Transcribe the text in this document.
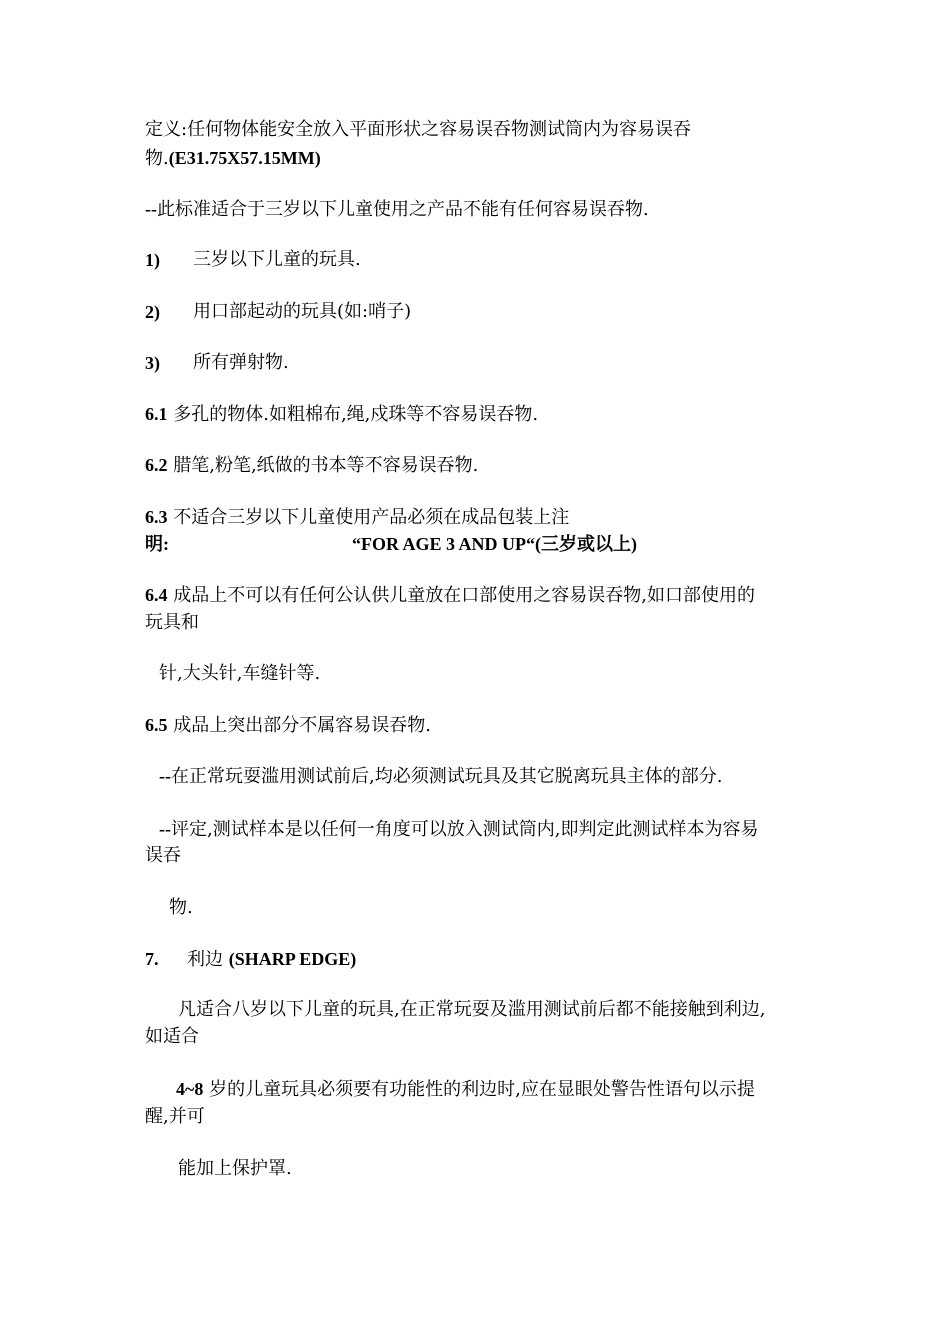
定义:任何物体能安全放入平面形状之容易误吞物测试筒内为容易误吞
物.(E31.75X57.15MM)
--此标准适合于三岁以下儿童使用之产品不能有任何容易误吞物.
1) 三岁以下儿童的玩具.
2) 用口部起动的玩具(如:哨子)
3) 所有弹射物.
6.1 多孔的物体.如粗棉布,绳,戍珠等不容易误吞物.
6.2 腊笔,粉笔,纸做的书本等不容易误吞物.
6.3 不适合三岁以下儿童使用产品必须在成品包装上注
明:	“FOR AGE 3 AND UP“(三岁或以上)
6.4 成品上不可以有任何公认供儿童放在口部使用之容易误吞物,如口部使用的
玩具和
针,大头针,车缝针等.
6.5 成品上突出部分不属容易误吞物.
--在正常玩耍滥用测试前后,均必须测试玩具及其它脱离玩具主体的部分.
--评定,测试样本是以任何一角度可以放入测试筒内,即判定此测试样本为容易
误吞
物.
7. 利边 (SHARP EDGE)
凡适合八岁以下儿童的玩具,在正常玩耍及滥用测试前后都不能接触到利边,
如适合
4~8 岁的儿童玩具必须要有功能性的利边时,应在显眼处警告性语句以示提
醒,并可
能加上保护罩.
